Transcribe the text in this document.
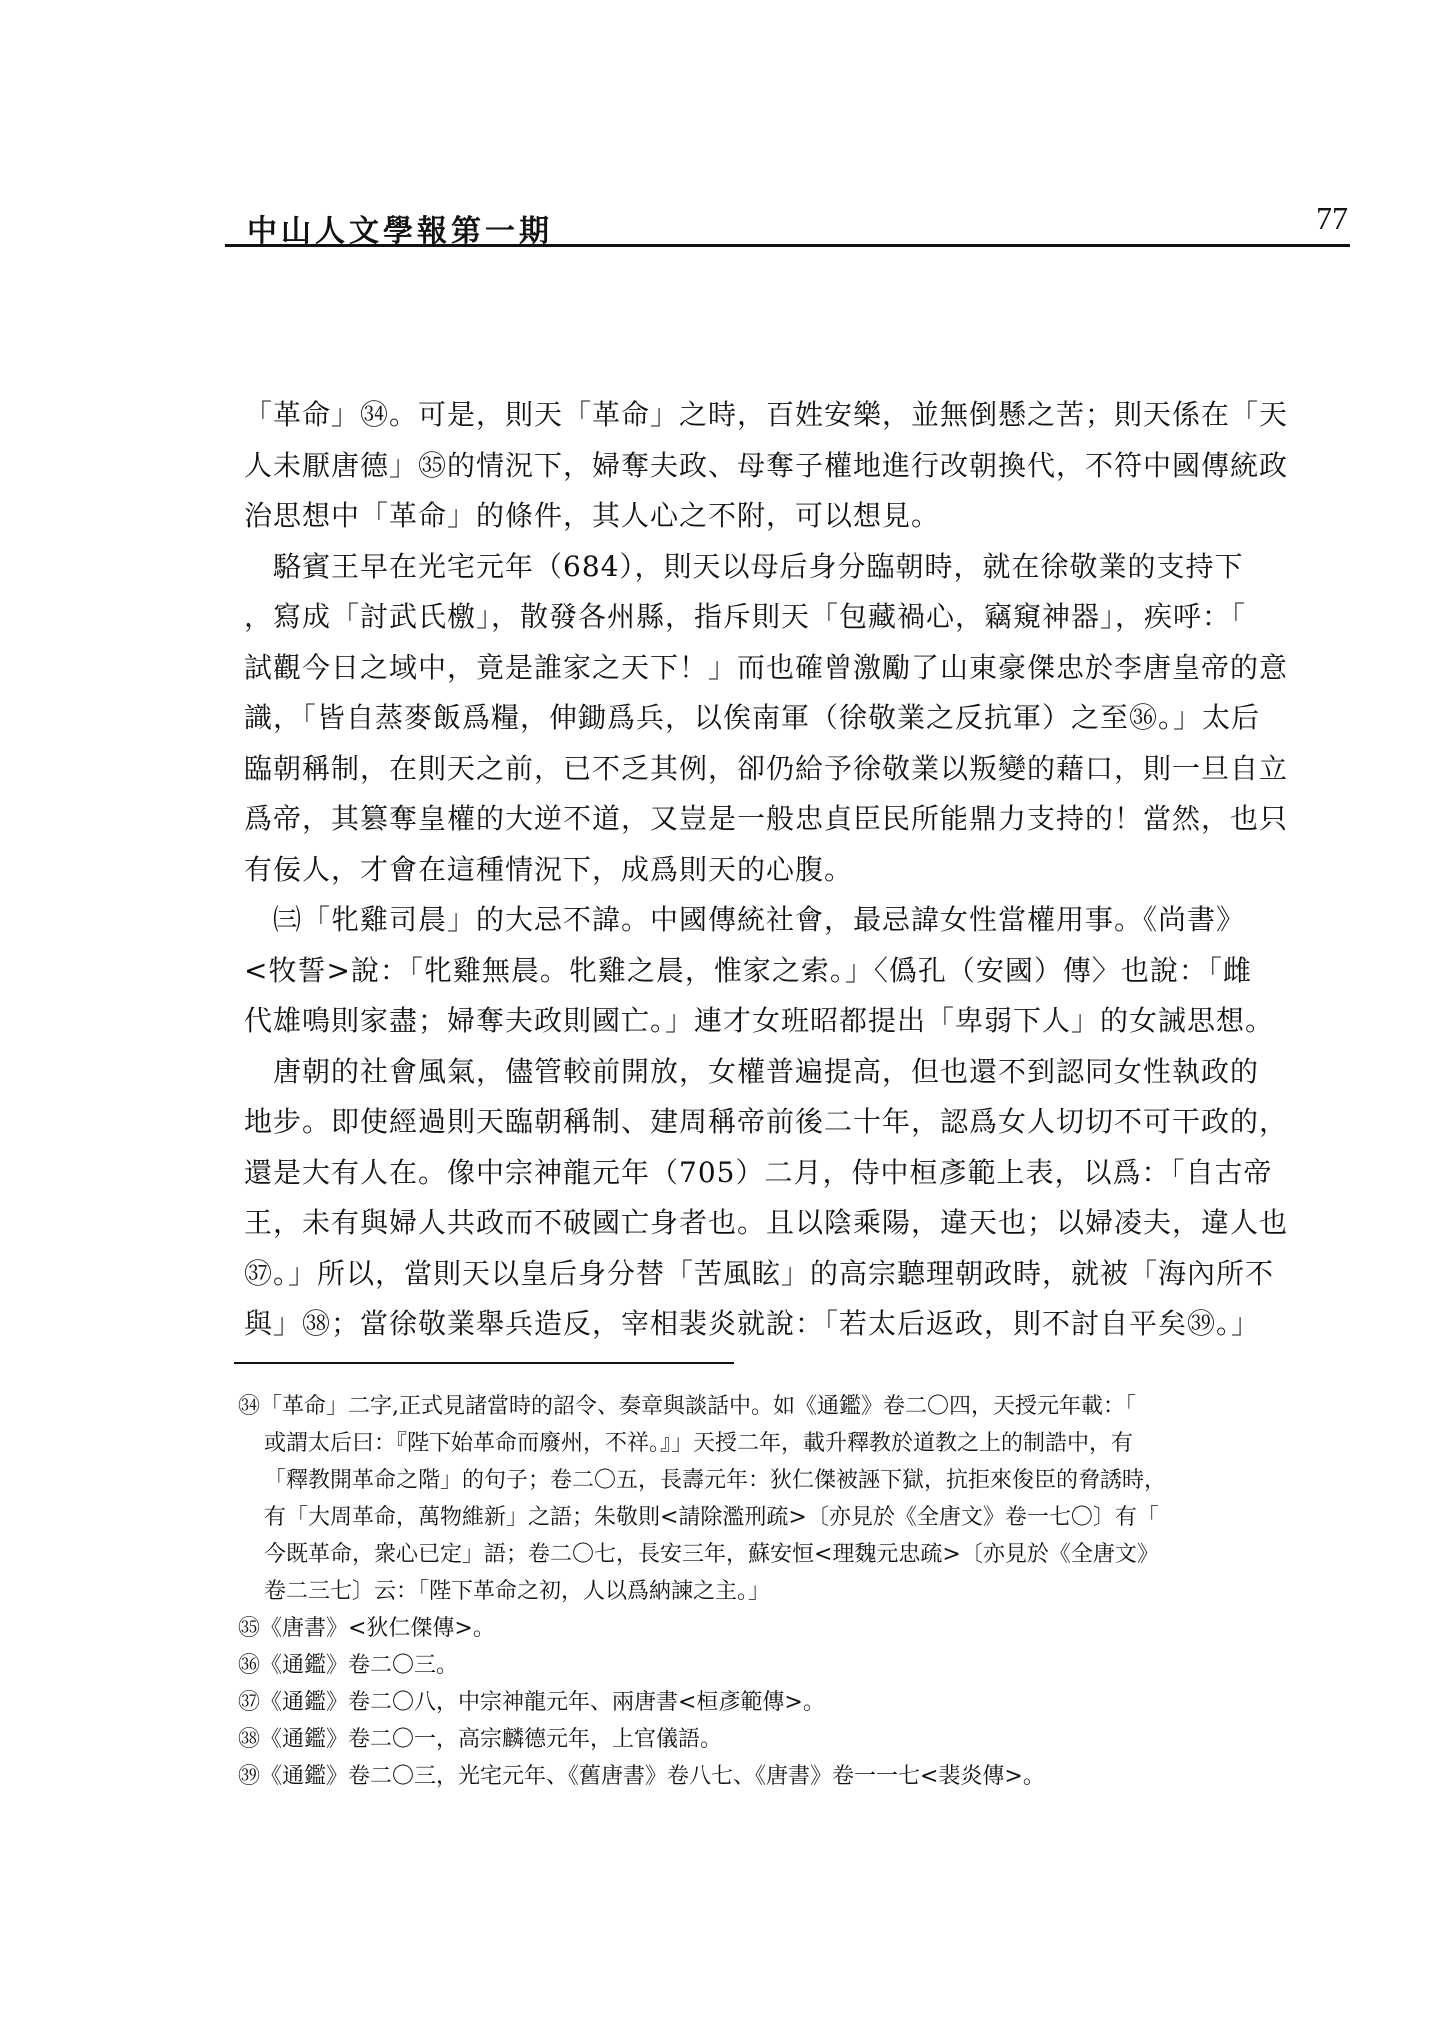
中山人文學報第一期	77

「革命」㉞。可是，則天「革命」之時，百姓安樂，並無倒懸之苦；則天係在「天

人未厭唐德」㉟的情況下，婦奪夫政、母奪子權地進行改朝換代，不符中國傳統政

治思想中「革命」的條件，其人心之不附，可以想見。

　駱賓王早在光宅元年（684），則天以母后身分臨朝時，就在徐敬業的支持下

，寫成「討武氏檄」，散發各州縣，指斥則天「包藏禍心，竊窺神器」，疾呼：「

試觀今日之域中，竟是誰家之天下！」而也確曾激勵了山東豪傑忠於李唐皇帝的意

識，「皆自蒸麥飯爲糧，伸鋤爲兵，以俟南軍（徐敬業之反抗軍）之至㊱。」太后

臨朝稱制，在則天之前，已不乏其例，卻仍給予徐敬業以叛變的藉口，則一旦自立

爲帝，其篡奪皇權的大逆不道，又豈是一般忠貞臣民所能鼎力支持的！當然，也只

有佞人，才會在這種情況下，成爲則天的心腹。

　㈢「牝雞司晨」的大忌不諱。中國傳統社會，最忌諱女性當權用事。《尚書》

<牧誓>說：「牝雞無晨。牝雞之晨，惟家之索。」〈僞孔（安國）傳〉也說：「雌

代雄鳴則家盡；婦奪夫政則國亡。」連才女班昭都提出「卑弱下人」的女誡思想。

　唐朝的社會風氣，儘管較前開放，女權普遍提高，但也還不到認同女性執政的

地步。即使經過則天臨朝稱制、建周稱帝前後二十年，認爲女人切切不可干政的，

還是大有人在。像中宗神龍元年（705）二月，侍中桓彥範上表，以爲：「自古帝

王，未有與婦人共政而不破國亡身者也。且以陰乘陽，違天也；以婦凌夫，違人也

㊲。」所以，當則天以皇后身分替「苦風眩」的高宗聽理朝政時，就被「海內所不

與」㊳；當徐敬業舉兵造反，宰相裴炎就說：「若太后返政，則不討自平矣㊴。」

㉞「革命」二字,正式見諸當時的詔令、奏章與談話中。如《通鑑》卷二〇四，天授元年載：「

或謂太后曰：『陛下始革命而廢州，不祥。』」天授二年，載升釋教於道教之上的制誥中，有

「釋教開革命之階」的句子；卷二〇五，長壽元年：狄仁傑被誣下獄，抗拒來俊臣的脅誘時，

有「大周革命，萬物維新」之語；朱敬則<請除濫刑疏>〔亦見於《全唐文》卷一七〇〕有「

今既革命，衆心已定」語；卷二〇七，長安三年，蘇安恒<理魏元忠疏>〔亦見於《全唐文》

卷二三七〕云：「陛下革命之初，人以爲納諫之主。」

㉟《唐書》<狄仁傑傳>。

㊱《通鑑》卷二〇三。

㊲《通鑑》卷二〇八，中宗神龍元年、兩唐書<桓彥範傳>。

㊳《通鑑》卷二〇一，高宗麟德元年，上官儀語。

㊴《通鑑》卷二〇三，光宅元年、《舊唐書》卷八七、《唐書》卷一一七<裴炎傳>。
